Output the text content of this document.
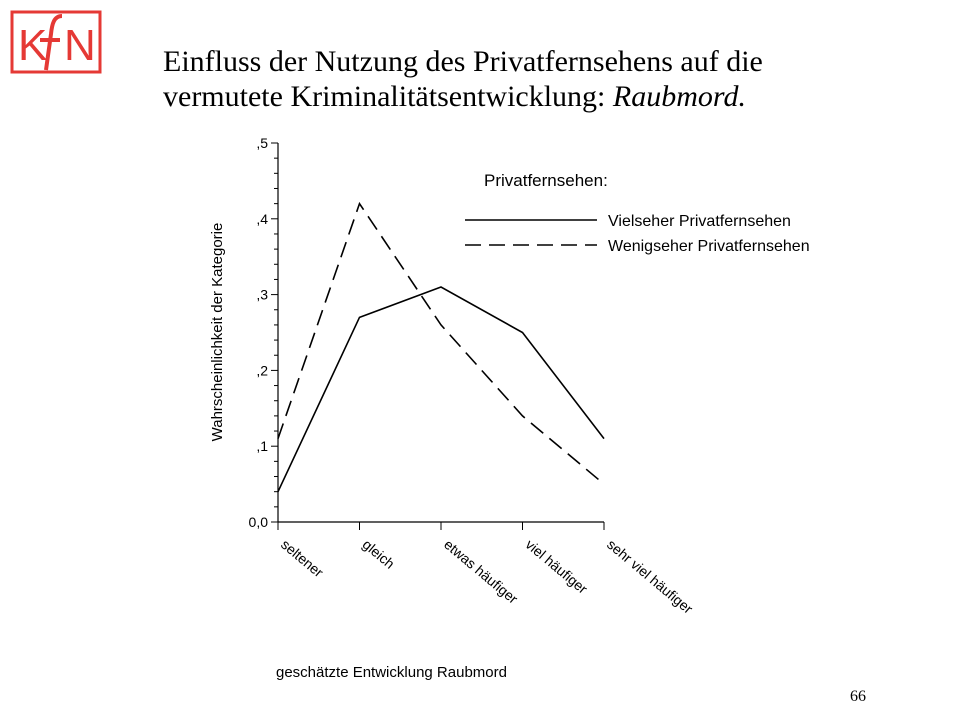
K N Einfluss der Nutzung des Privatfernsehens auf die
vermutete Kriminalitätsentwicklung: Raubmord.
0,0
,1
,2
,3
,4
,5
seltener gleich	etwas häufiger viel häufiger sehr viel häufiger
Privatfernsehen:
Vielseher Privatfernsehen
Wenigseher Privatfernsehen
Wahrscheinlichkeit der Kategorie
geschätzte Entwicklung Raubmord
66
